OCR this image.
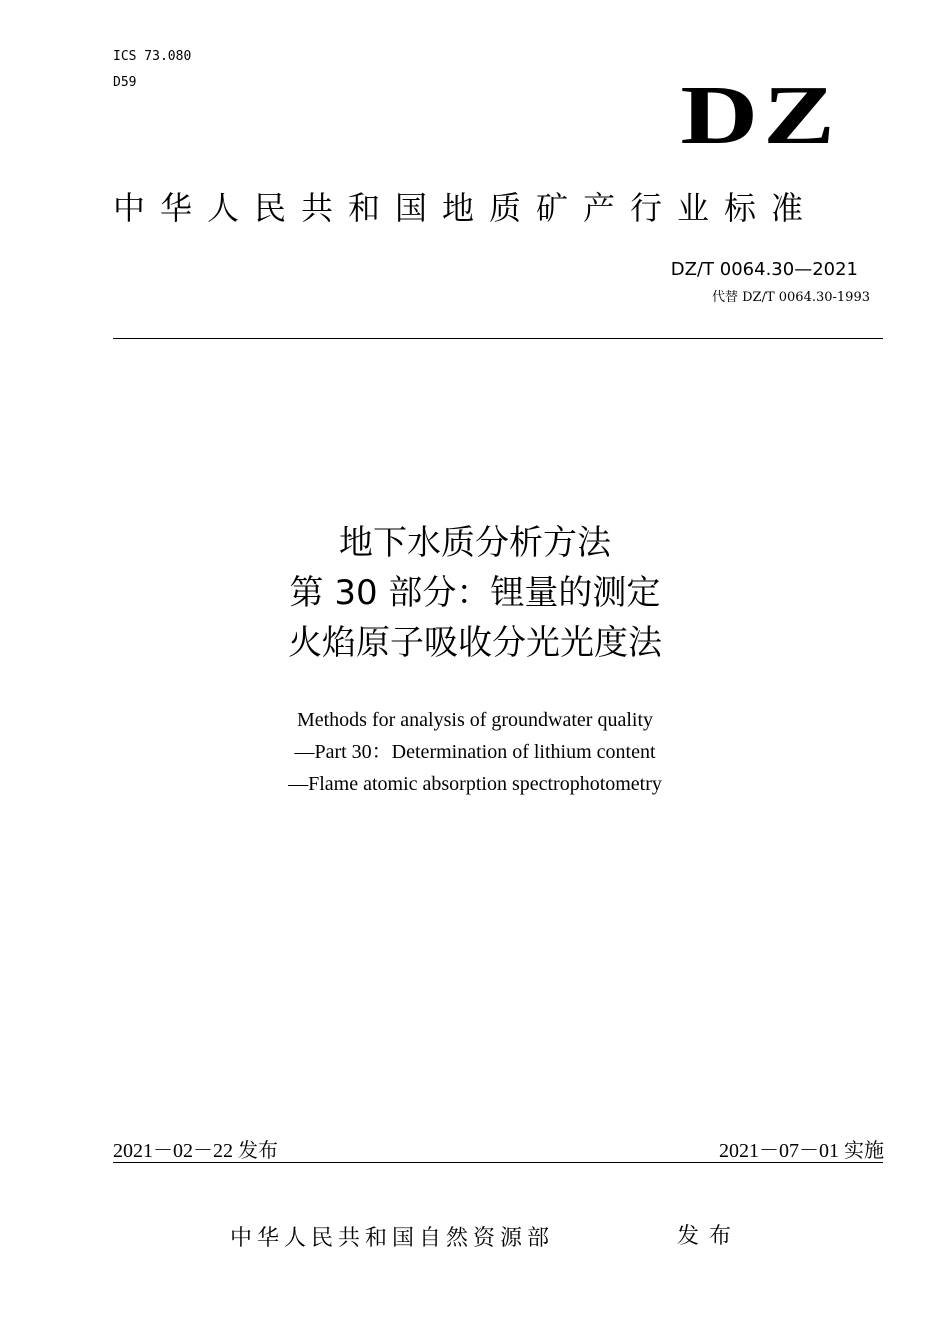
ICS 73.080
D59	DZ
中华人民共和国地质矿产行业标准
DZ/T 0064.30—2021
代替 DZ/T 0064.30-1993
地下水质分析方法
第 30 部分：锂量的测定
火焰原子吸收分光光度法
Methods for analysis of groundwater quality
—Part 30：Determination of lithium content
—Flame atomic absorption spectrophotometry
2021－02－22 发布	2021－07－01 实施
中华人民共和国自然资源部	发布
